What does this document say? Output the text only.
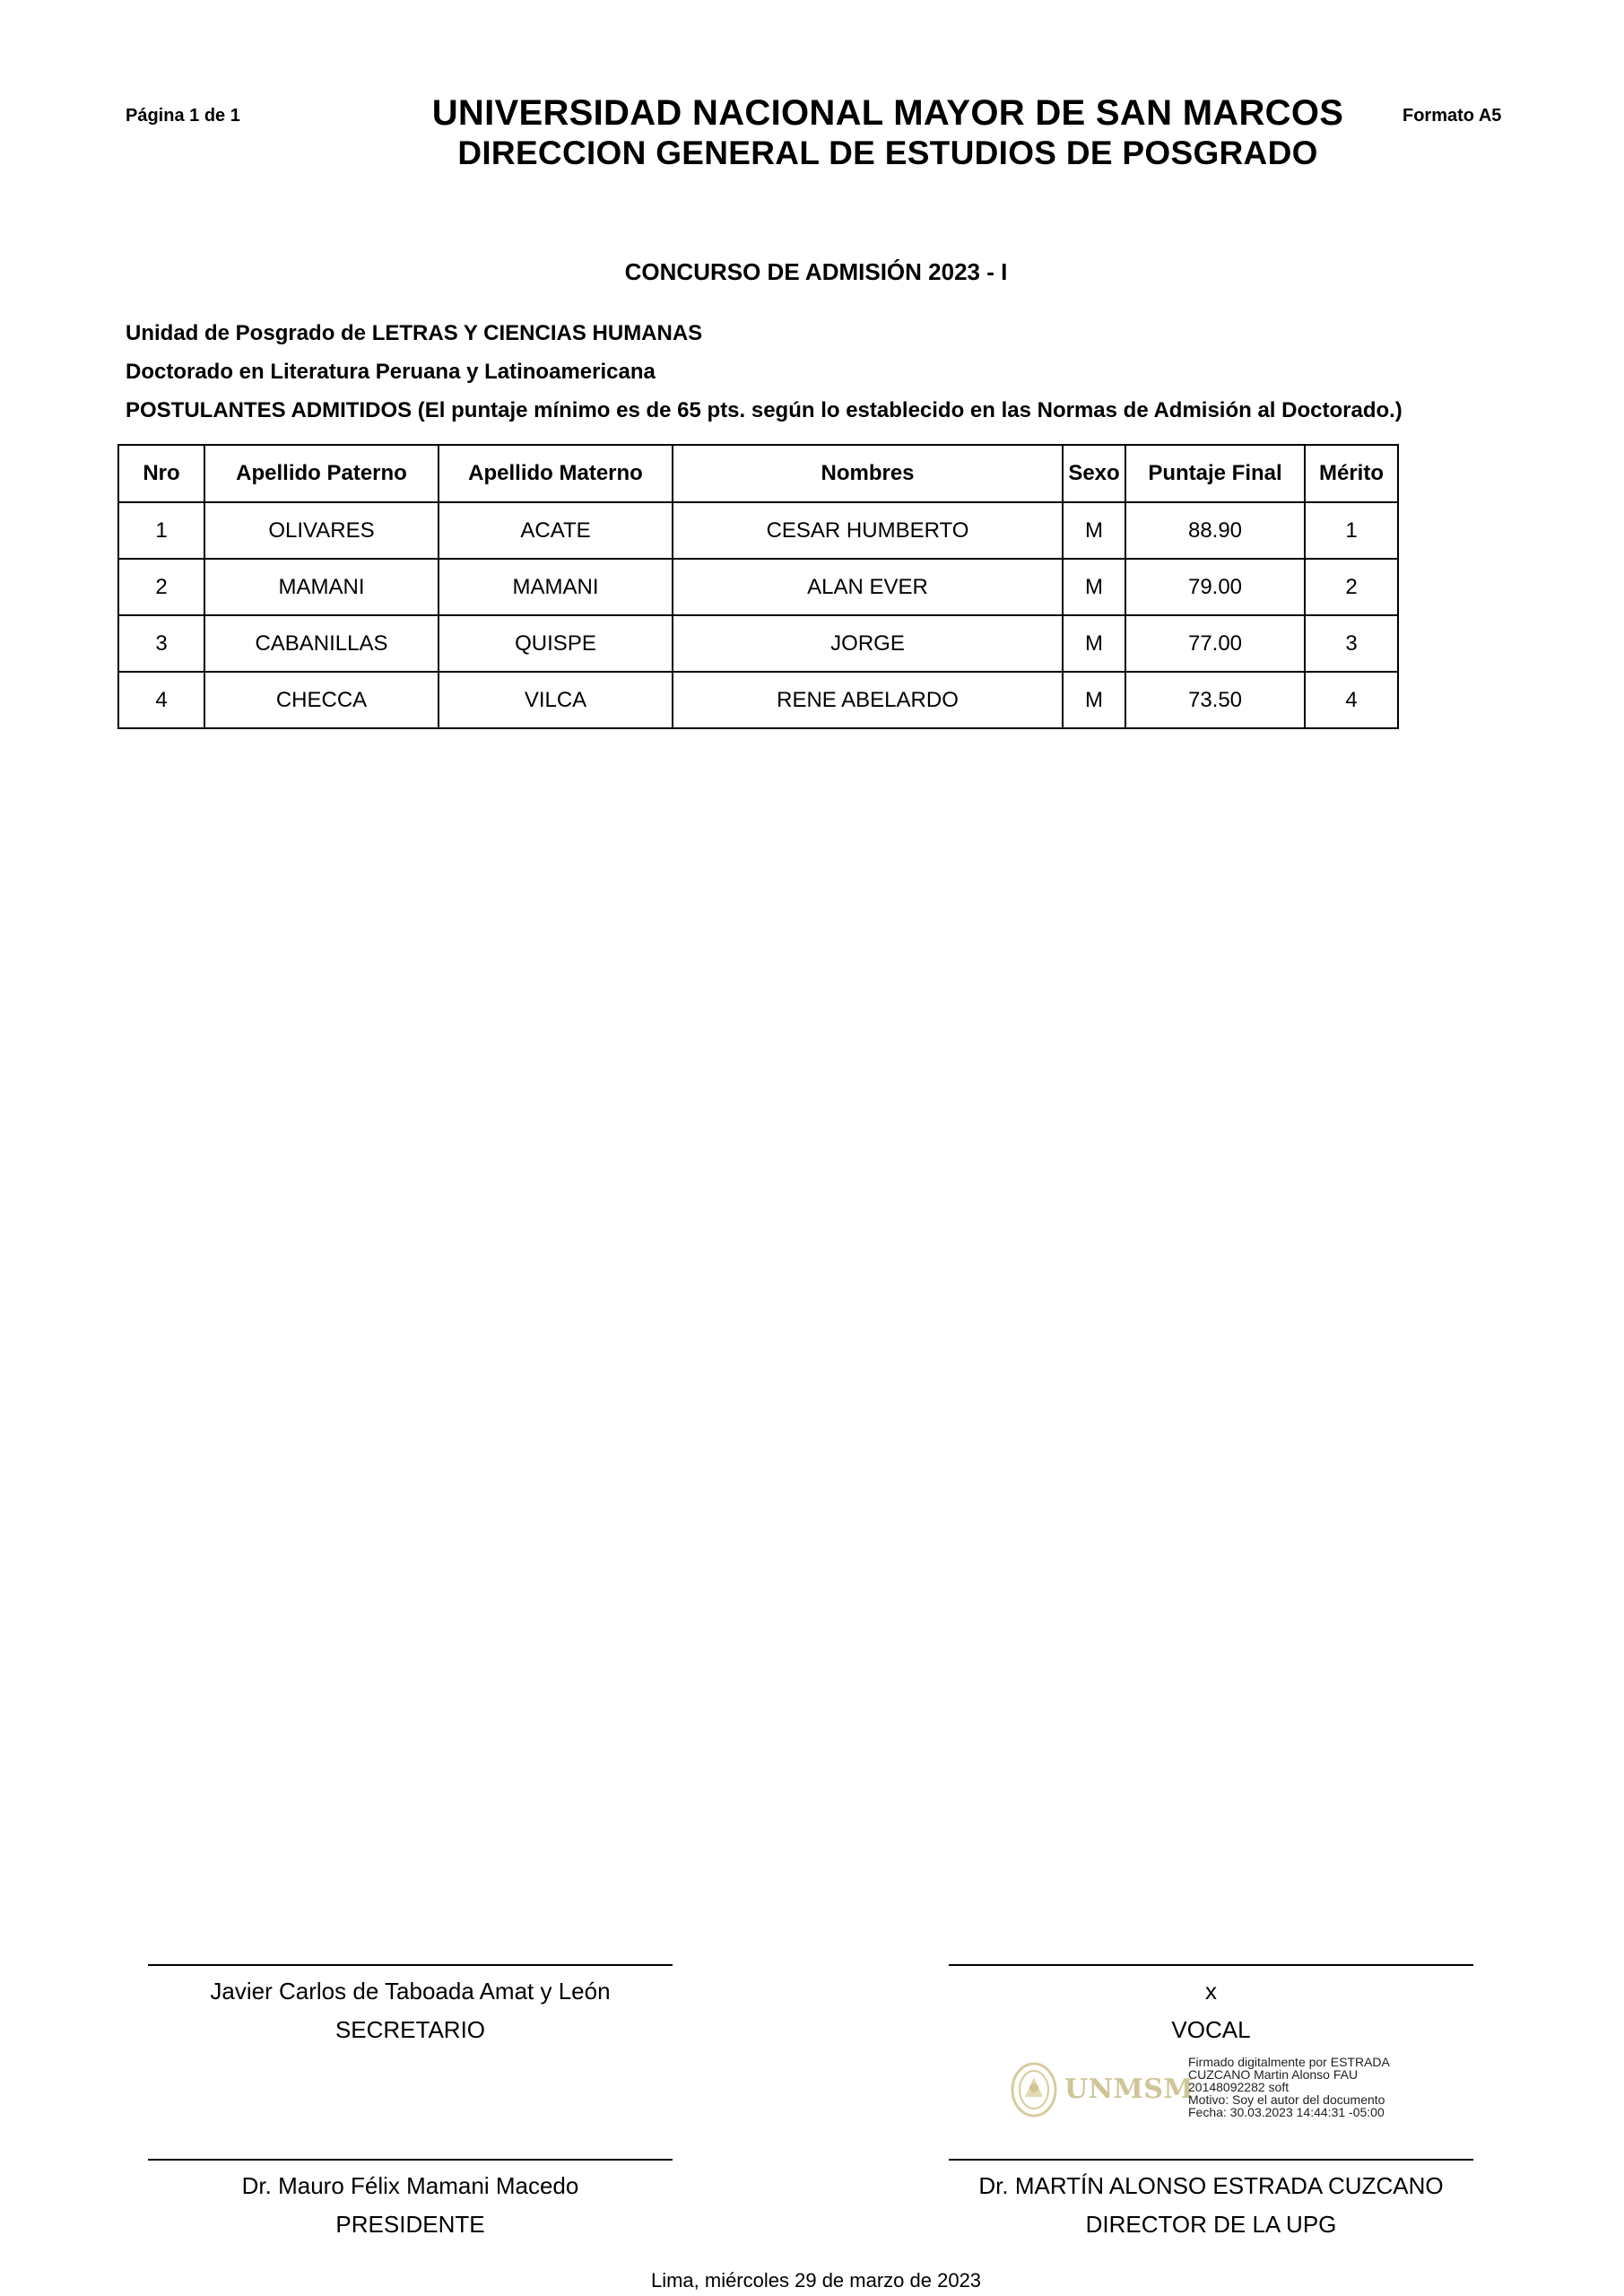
Página 1 de 1	Formato A5
UNIVERSIDAD NACIONAL MAYOR DE SAN MARCOS
DIRECCION GENERAL DE ESTUDIOS DE POSGRADO
CONCURSO DE ADMISIÓN 2023 - I
Unidad de Posgrado de LETRAS Y CIENCIAS HUMANAS
Doctorado en Literatura Peruana y Latinoamericana
POSTULANTES ADMITIDOS (El puntaje mínimo es de 65 pts. según lo establecido en las Normas de Admisión al Doctorado.)
Nro	Apellido Paterno	Apellido Materno	Nombres	Sexo	Puntaje Final	Mérito
1	OLIVARES	ACATE	CESAR HUMBERTO	M	88.90	1
2	MAMANI	MAMANI	ALAN EVER	M	79.00	2
3	CABANILLAS	QUISPE	JORGE	M	77.00	3
4	CHECCA	VILCA	RENE ABELARDO	M	73.50	4
Javier Carlos de Taboada Amat y León
SECRETARIO
x
VOCAL
UNMSM
Firmado digitalmente por ESTRADA
CUZCANO Martin Alonso FAU
20148092282 soft
Motivo: Soy el autor del documento
Fecha: 30.03.2023 14:44:31 -05:00
Dr. Mauro Félix Mamani Macedo
PRESIDENTE
Dr. MARTÍN ALONSO ESTRADA CUZCANO
DIRECTOR DE LA UPG
Lima, miércoles 29 de marzo de 2023
